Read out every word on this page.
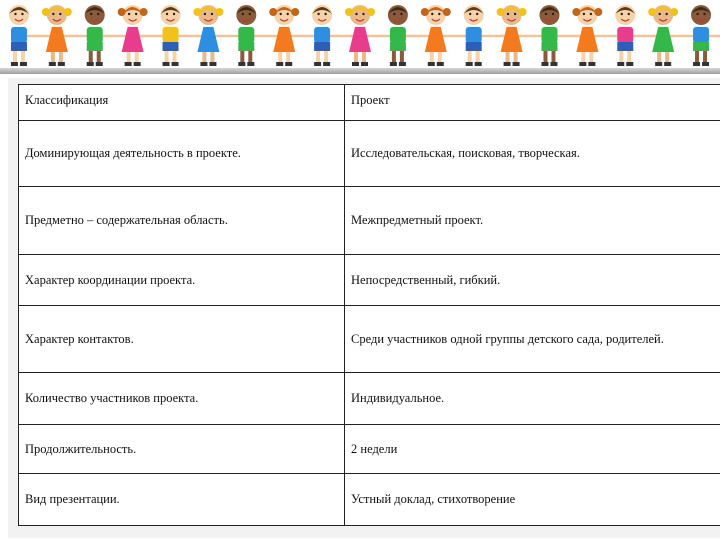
Классификация	Проект
Доминирующая деятельность в проекте.	Исследовательская, поисковая, творческая.
Предметно – содержательная область.	Межпредметный проект.
Характер координации проекта.	Непосредственный, гибкий.
Характер контактов.	Среди участников одной группы детского сада, родителей.
Количество участников проекта.	Индивидуальное.
Продолжительность.	2 недели
Вид презентации.	Устный доклад, стихотворение
